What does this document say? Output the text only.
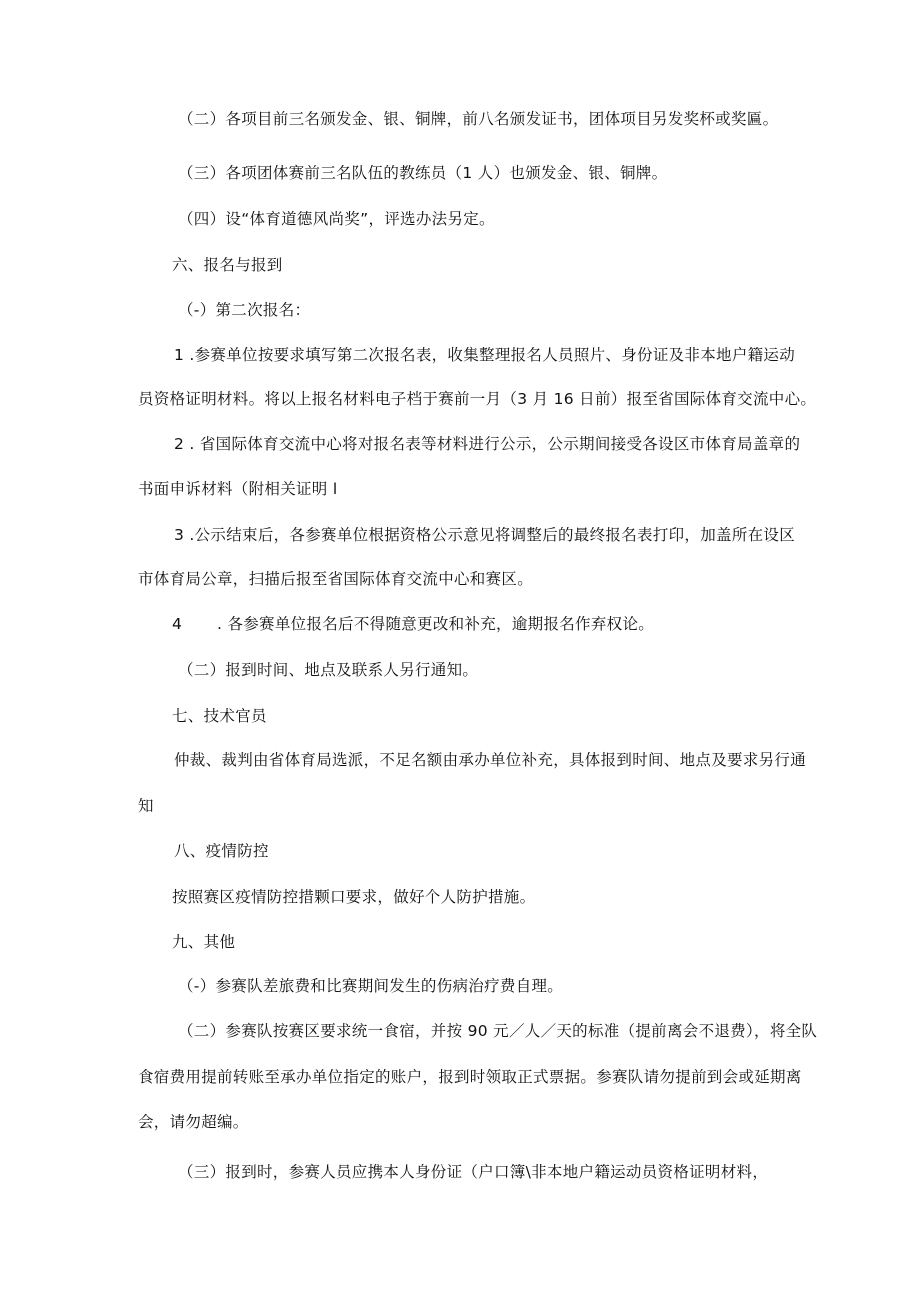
（二）各项目前三名颁发金、银、铜牌，前八名颁发证书，团体项目另发奖杯或奖匾。
（三）各项团体赛前三名队伍的教练员（1 人）也颁发金、银、铜牌。
（四）设“体育道德风尚奖”，评选办法另定。
六、报名与报到
（-）第二次报名：
1 .参赛单位按要求填写第二次报名表，收集整理报名人员照片、身份证及非本地户籍运动
员资格证明材料。将以上报名材料电子档于赛前一月（3 月 16 日前）报至省国际体育交流中心。
2 . 省国际体育交流中心将对报名表等材料进行公示，公示期间接受各设区市体育局盖章的
书面申诉材料（附相关证明 l
3 .公示结束后，各参赛单位根据资格公示意见将调整后的最终报名表打印，加盖所在设区
市体育局公章，扫描后报至省国际体育交流中心和赛区。
4 . 各参赛单位报名后不得随意更改和补充，逾期报名作弃权论。
（二）报到时间、地点及联系人另行通知。
七、技术官员
仲裁、裁判由省体育局选派，不足名额由承办单位补充，具体报到时间、地点及要求另行通
知
八、疫情防控
按照赛区疫情防控措颗口要求，做好个人防护措施。
九、其他
（-）参赛队差旅费和比赛期间发生的伤病治疗费自理。
（二）参赛队按赛区要求统一食宿，并按 90 元／人／天的标准（提前离会不退费），将全队
食宿费用提前转账至承办单位指定的账户，报到时领取正式票据。参赛队请勿提前到会或延期离
会，请勿超编。
（三）报到时，参赛人员应携本人身份证（户口簿\非本地户籍运动员资格证明材料，
